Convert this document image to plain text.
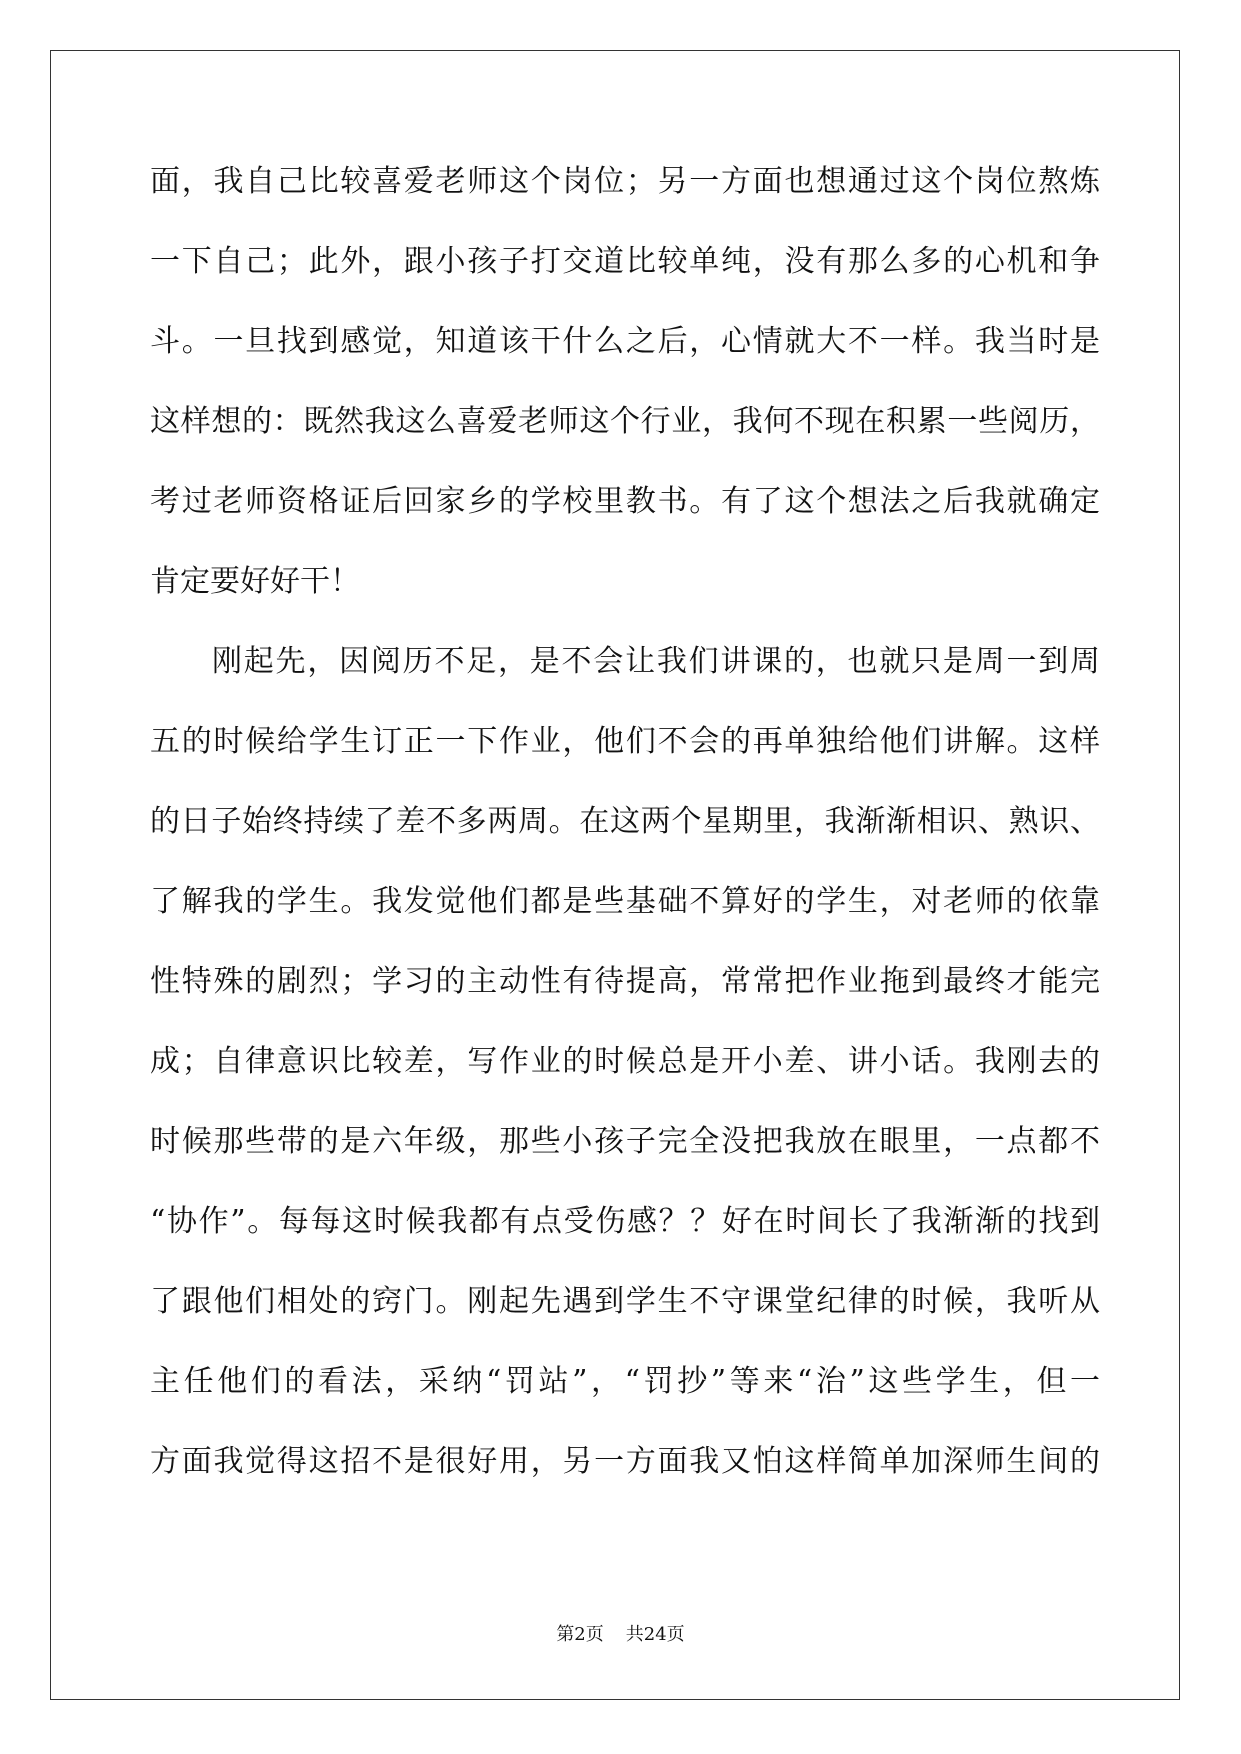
面，我自己比较喜爱老师这个岗位；另一方面也想通过这个岗位熬炼
一下自己；此外，跟小孩子打交道比较单纯，没有那么多的心机和争
斗。一旦找到感觉，知道该干什么之后，心情就大不一样。我当时是
这样想的：既然我这么喜爱老师这个行业，我何不现在积累一些阅历，
考过老师资格证后回家乡的学校里教书。有了这个想法之后我就确定
肯定要好好干！
刚起先，因阅历不足，是不会让我们讲课的，也就只是周一到周
五的时候给学生订正一下作业，他们不会的再单独给他们讲解。这样
的日子始终持续了差不多两周。在这两个星期里，我渐渐相识、熟识、
了解我的学生。我发觉他们都是些基础不算好的学生，对老师的依靠
性特殊的剧烈；学习的主动性有待提高，常常把作业拖到最终才能完
成；自律意识比较差，写作业的时候总是开小差、讲小话。我刚去的
时候那些带的是六年级，那些小孩子完全没把我放在眼里，一点都不
“协作”。每每这时候我都有点受伤感？？好在时间长了我渐渐的找到
了跟他们相处的窍门。刚起先遇到学生不守课堂纪律的时候，我听从
主任他们的看法，采纳“罚站”，“罚抄”等来“治”这些学生，但一
方面我觉得这招不是很好用，另一方面我又怕这样简单加深师生间的
第2页 共24页
